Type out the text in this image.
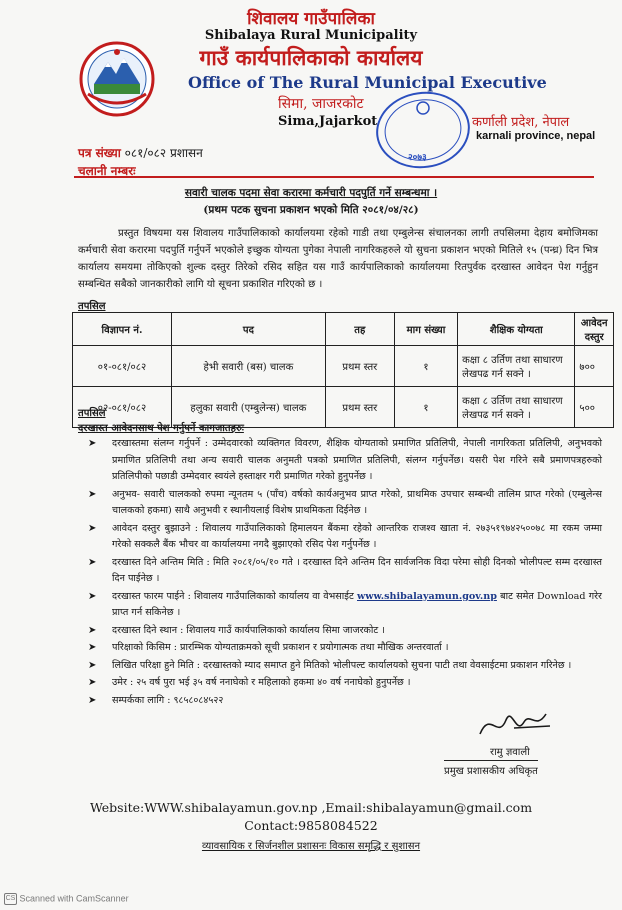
२०७३
शिवालय गाउँपालिका
Shibalaya Rural Municipality
गाउँ कार्यपालिकाको कार्यालय
Office of The Rural Municipal Executive
सिमा, जाजरकोट
Sima,Jajarkot	कर्णाली प्रदेश, नेपाल
karnali province, nepal
पत्र संख्या ०८१/०८२ प्रशासन
चलानी नम्बरः
सवारी चालक पदमा सेवा करारमा कर्मचारी पदपुर्ति गर्ने सम्बन्धमा ।
(प्रथम पटक सुचना प्रकाशन भएको मिति २०८१/०४/२८)
प्रस्तुत विषयमा यस शिवालय गाउँपालिकाको कार्यालयमा रहेको गाडी तथा एम्बुलेन्स संचालनका लागी तपसिलमा देहाय बमोजिमका कर्मचारी सेवा करारमा पदपुर्ति गर्नुपर्ने भएकोले इच्छुक योग्यता पुगेका नेपाली नागरिकहरुले यो सुचना प्रकाशन भएको मितिले १५ (पन्ध्र) दिन भित्र कार्यालय समयमा तोकिएको शुल्क दस्तुर तिरेको रसिद सहित यस गाउँ कार्यपालिकाको कार्यालयमा रितपुर्वक दरखास्त आवेदन पेश गर्नुहुन सम्बन्धित सबैको जानकारीको लागि यो सूचना प्रकाशित गरिएको छ ।
तपसिल
विज्ञापन नं.	पद	तह	माग संख्या	शैक्षिक योग्यता	आवेदन दस्तुर
०१-०८१/०८२	हेभी सवारी (बस) चालक	प्रथम स्तर	१	कक्षा ८ उर्तिण तथा साधारण लेखपढ गर्न सक्ने ।	७००
०२-०८१/०८२	हलुका सवारी (एम्बुलेन्स) चालक	प्रथम स्तर	१	कक्षा ८ उर्तिण तथा साधारण लेखपढ गर्न सक्ने ।	५००
तपसिल
दरखास्त आवेदनसाथ पेश गर्नुपर्ने कागजातहरुः
➤ दरखास्तमा संलग्न गर्नुपर्ने : उम्मेदवारको व्यक्तिगत विवरण, शैक्षिक योग्यताको प्रमाणित प्रतिलिपी, नेपाली नागरिकता प्रतिलिपी, अनुभवको प्रमाणित प्रतिलिपी तथा अन्य सवारी चालक अनुमती पत्रको प्रमाणित प्रतिलिपी, संलग्न गर्नुपर्नेछ। यसरी पेश गरिने सबै प्रमाणपत्रहरुको प्रतिलिपीको पछाडी उम्मेदवार स्वयंले हस्ताक्षर गरी प्रमाणित गरेको हुनुपर्नेछ ।
➤ अनुभव- सवारी चालकको रुपमा न्यूनतम ५ (पाँच) वर्षको कार्यअनुभव प्राप्त गरेको, प्राथमिक उपचार सम्बन्धी तालिम प्राप्त गरेको (एम्बुलेन्स चालकको हकमा) साथै अनुभवी र स्थानीयलाई विशेष प्राथमिकता दिईनेछ ।
➤ आवेदन दस्तुर बुझाउने : शिवालय गाउँपालिकाको हिमालयन बैंकमा रहेको आन्तरिक राजश्व खाता नं. २७३५१९७४२५००७८ मा रकम जम्मा गरेको सक्कलै बैंक भौचर वा कार्यालयमा नगदै बुझाएको रसिद पेश गर्नुपर्नेछ ।
➤ दरखास्त दिने अन्तिम मिति : मिति २०८१/०५/१० गते । दरखास्त दिने अन्तिम दिन सार्वजनिक विदा परेमा सोही दिनको भोलीपल्ट सम्म दरखास्त दिन पाईनेछ ।
➤ दरखास्त फारम पाईने : शिवालय गाउँपालिकाको कार्यालय वा वेभसाईट www.shibalayamun.gov.np बाट समेत Download गरेर प्राप्त गर्न सकिनेछ ।
➤ दरखास्त दिने स्थान : शिवालय गाउँ कार्यपालिकाको कार्यालय सिमा जाजरकोट ।
➤ परिक्षाको किसिम : प्रारम्भिक योग्यताक्रमको सूची प्रकाशन र प्रयोगात्मक तथा मौखिक अन्तरवार्ता ।
➤ लिखित परिक्षा हुने मिति : दरखास्तको म्याद समाप्त हुने मितिको भोलीपल्ट कार्यालयको सुचना पाटी तथा वेवसाईटमा प्रकाशन गरिनेछ ।
➤ उमेर : २५ वर्ष पुरा भई ३५ वर्ष ननाघेको र महिलाको हकमा ४० वर्ष ननाघेको हुनुपर्नेछ ।
➤ सम्पर्कका लागि : ९८५८०८४५२२
रामु ज्ञवाली
प्रमुख प्रशासकीय अधिकृत
Website:WWW.shibalayamun.gov.np ,Email:shibalayamun@gmail.com
Contact:9858084522
व्यावसायिक र सिर्जनशील प्रशासनः विकास समृद्धि र सुशासन
CS Scanned with CamScanner
